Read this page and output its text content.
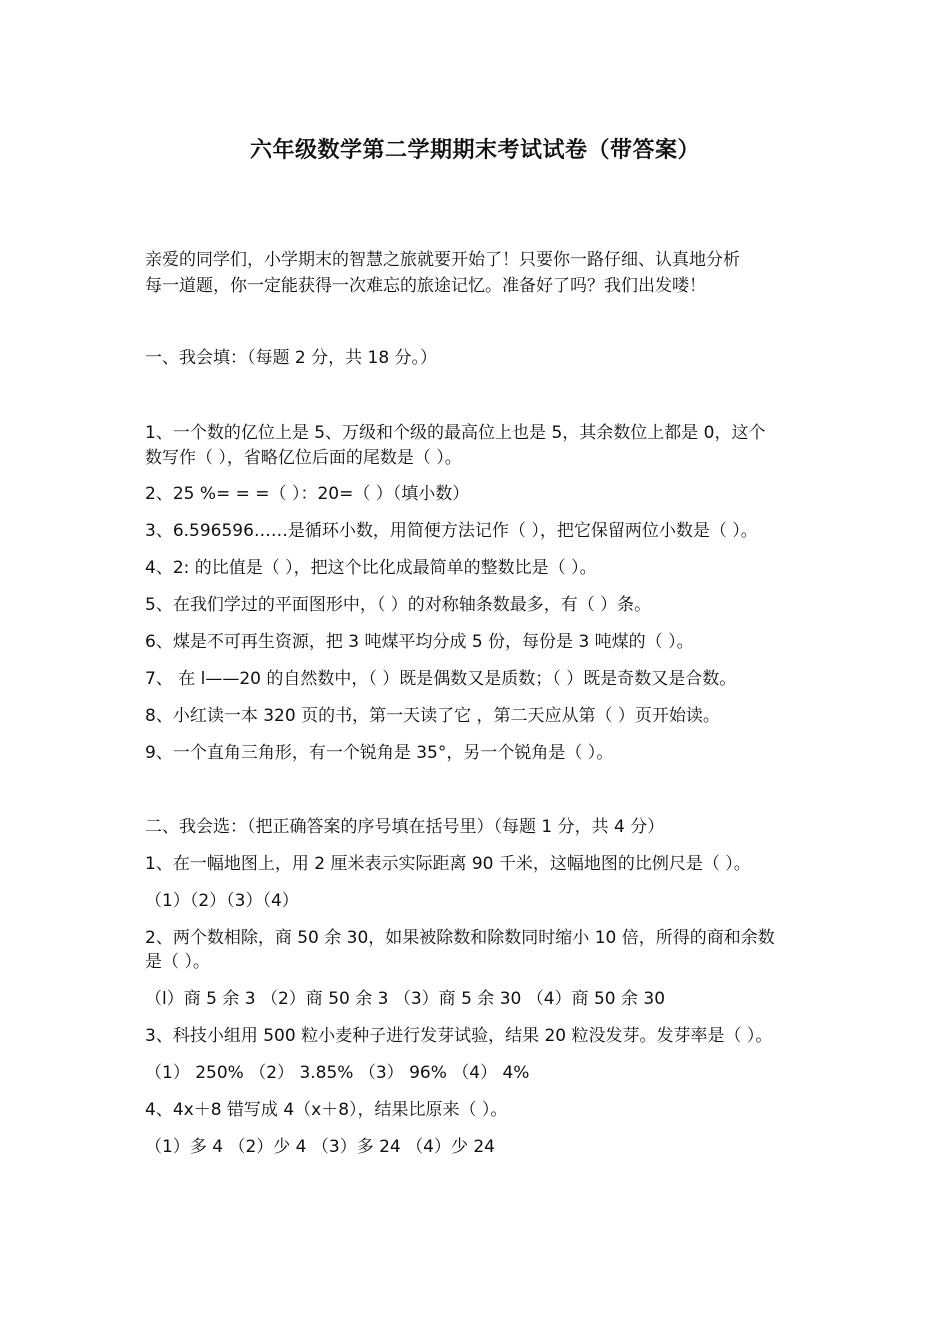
六年级数学第二学期期末考试试卷（带答案）
亲爱的同学们，小学期末的智慧之旅就要开始了！只要你一路仔细、认真地分析
每一道题，你一定能获得一次难忘的旅途记忆。准备好了吗？我们出发喽！
一、我会填：（每题 2 分，共 18 分。）
1、一个数的亿位上是 5、万级和个级的最高位上也是 5，其余数位上都是 0，这个
数写作（ ），省略亿位后面的尾数是（ ）。
2、25 %= = =（ ）：20=（ ）（填小数）
3、6.596596……是循环小数，用简便方法记作（ ），把它保留两位小数是（ ）。
4、2: 的比值是（ ），把这个比化成最简单的整数比是（ ）。
5、在我们学过的平面图形中，（ ）的对称轴条数最多，有（ ）条。
6、煤是不可再生资源，把 3 吨煤平均分成 5 份，每份是 3 吨煤的（ ）。
7、 在 l——20 的自然数中，（ ）既是偶数又是质数；（ ）既是奇数又是合数。
8、小红读一本 320 页的书，第一天读了它 ，第二天应从第（ ）页开始读。
9、一个直角三角形，有一个锐角是 35°，另一个锐角是（ ）。
二、我会选：（把正确答案的序号填在括号里）（每题 1 分，共 4 分）
1、在一幅地图上，用 2 厘米表示实际距离 90 千米，这幅地图的比例尺是（ ）。
（1）（2）（3）（4）
2、两个数相除，商 50 余 30，如果被除数和除数同时缩小 10 倍，所得的商和余数
是（ ）。
（l）商 5 余 3 （2）商 50 余 3 （3）商 5 余 30 （4）商 50 余 30
3、科技小组用 500 粒小麦种子进行发芽试验，结果 20 粒没发芽。发芽率是（ ）。
（1） 250% （2） 3.85% （3） 96% （4） 4%
4、4x＋8 错写成 4（x＋8），结果比原来（ ）。
（1）多 4 （2）少 4 （3）多 24 （4）少 24
